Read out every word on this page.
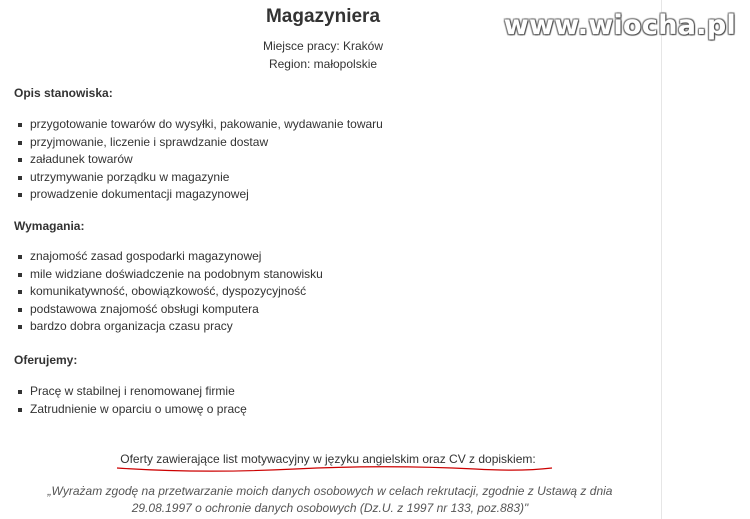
Magazyniera
Miejsce pracy: Kraków
Region: małopolskie
Opis stanowiska:
przygotowanie towarów do wysyłki, pakowanie, wydawanie towaru
przyjmowanie, liczenie i sprawdzanie dostaw
załadunek towarów
utrzymywanie porządku w magazynie
prowadzenie dokumentacji magazynowej
Wymagania:
znajomość zasad gospodarki magazynowej
mile widziane doświadczenie na podobnym stanowisku
komunikatywność, obowiązkowość, dyspozycyjność
podstawowa znajomość obsługi komputera
bardzo dobra organizacja czasu pracy
Oferujemy:
Pracę w stabilnej i renomowanej firmie
Zatrudnienie w oparciu o umowę o pracę
Oferty zawierające list motywacyjny w języku angielskim oraz CV z dopiskiem:
„Wyrażam zgodę na przetwarzanie moich danych osobowych w celach rekrutacji, zgodnie z Ustawą z dnia
29.08.1997 o ochronie danych osobowych (Dz.U. z 1997 nr 133, poz.883)"
www.wiocha.pl
